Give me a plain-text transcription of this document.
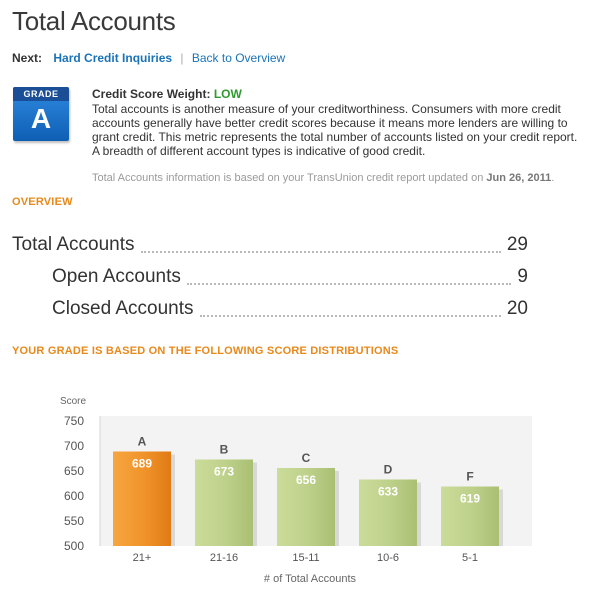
Total Accounts
Next: Hard Credit Inquiries | Back to Overview
GRADE
A
Credit Score Weight: LOW
Total accounts is another measure of your creditworthiness. Consumers with more credit accounts generally have better credit scores because it means more lenders are willing to grant credit. This metric represents the total number of accounts listed on your credit report. A breadth of different account types is indicative of good credit.
Total Accounts information is based on your TransUnion credit report updated on Jun 26, 2011.
OVERVIEW
Total Accounts	29
Open Accounts	9
Closed Accounts	20
YOUR GRADE IS BASED ON THE FOLLOWING SCORE DISTRIBUTIONS
Score
# of Total Accounts
500
550
600
650
700
750
689
A
21+
673
B
21-16
656
C
15-11
633
D
10-6
619
F
5-1
